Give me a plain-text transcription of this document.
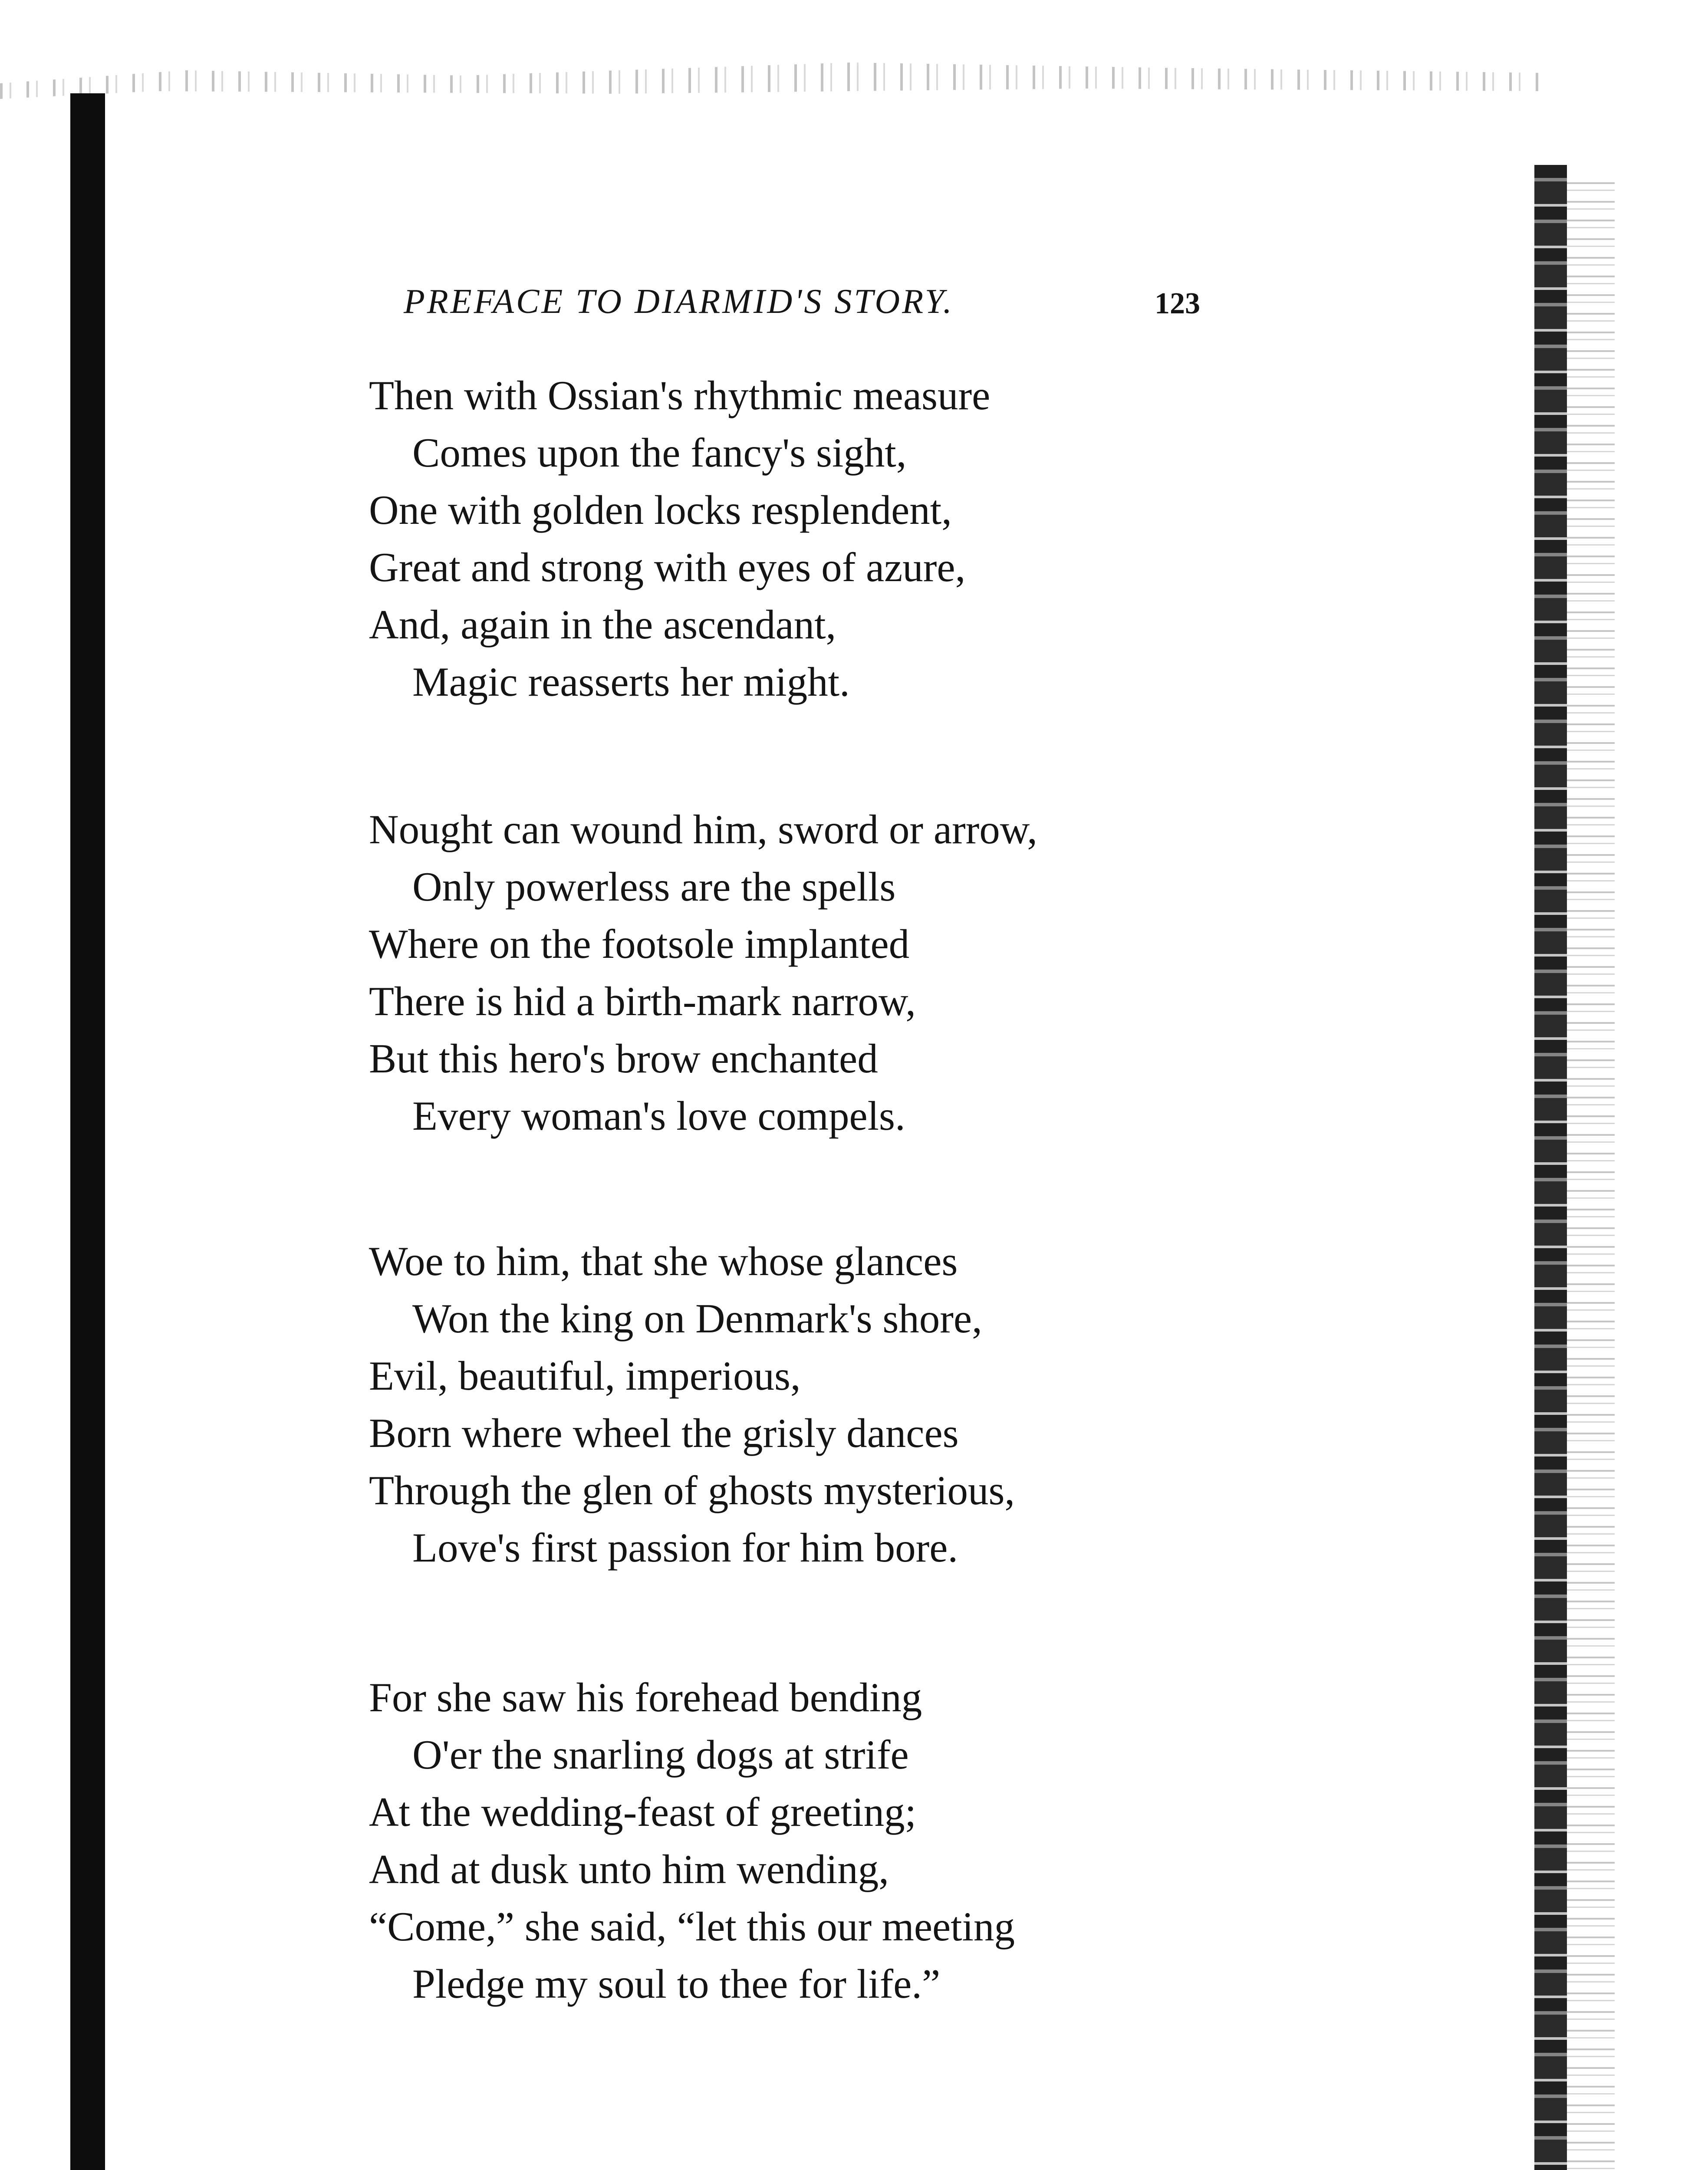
PREFACE TO DIARMID'S STORY.	123
Then with Ossian's rhythmic measure
Comes upon the fancy's sight,
One with golden locks resplendent,
Great and strong with eyes of azure,
And, again in the ascendant,
Magic reasserts her might.
Nought can wound him, sword or arrow,
Only powerless are the spells
Where on the footsole implanted
There is hid a birth-mark narrow,
But this hero's brow enchanted
Every woman's love compels.
Woe to him, that she whose glances
Won the king on Denmark's shore,
Evil, beautiful, imperious,
Born where wheel the grisly dances
Through the glen of ghosts mysterious,
Love's first passion for him bore.
For she saw his forehead bending
O'er the snarling dogs at strife
At the wedding-feast of greeting;
And at dusk unto him wending,
“Come,” she said, “let this our meeting
Pledge my soul to thee for life.”
